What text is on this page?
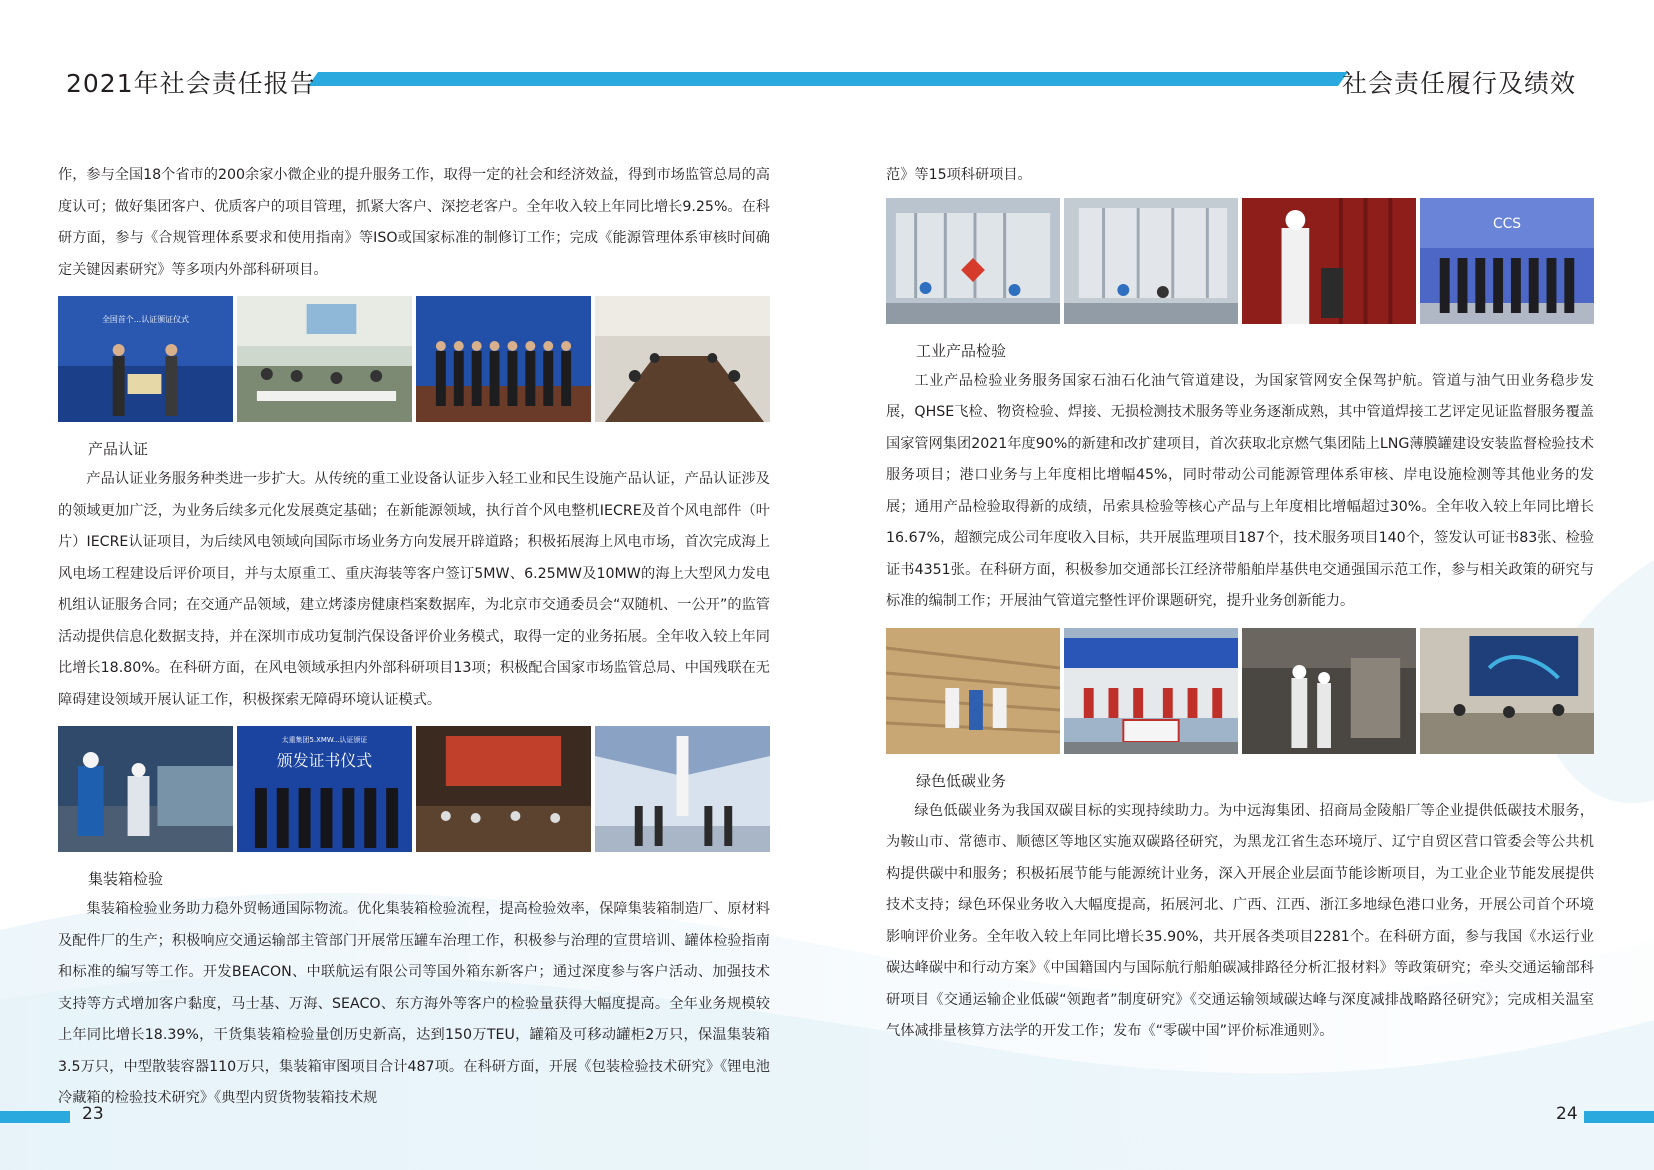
2021年社会责任报告	社会责任履行及绩效

作，参与全国18个省市的200余家小微企业的提升服务工作，取得一定的社会和经济效益，得到市场监管总局的高度认可；做好集团客户、优质客户的项目管理，抓紧大客户、深挖老客户。全年收入较上年同比增长9.25%。在科研方面，参与《合规管理体系要求和使用指南》等ISO或国家标准的制修订工作；完成《能源管理体系审核时间确定关键因素研究》等多项内外部科研项目。

全国首个...认证颁证仪式
产品认证

产品认证业务服务种类进一步扩大。从传统的重工业设备认证步入轻工业和民生设施产品认证，产品认证涉及的领域更加广泛，为业务后续多元化发展奠定基础；在新能源领域，执行首个风电整机IECRE及首个风电部件（叶片）IECRE认证项目，为后续风电领域向国际市场业务方向发展开辟道路；积极拓展海上风电市场，首次完成海上风电场工程建设后评价项目，并与太原重工、重庆海装等客户签订5MW、6.25MW及10MW的海上大型风力发电机组认证服务合同；在交通产品领域，建立烤漆房健康档案数据库，为北京市交通委员会“双随机、一公开”的监管活动提供信息化数据支持，并在深圳市成功复制汽保设备评价业务模式，取得一定的业务拓展。全年收入较上年同比增长18.80%。在科研方面，在风电领域承担内外部科研项目13项；积极配合国家市场监管总局、中国残联在无障碍建设领域开展认证工作，积极探索无障碍环境认证模式。

太重集团5.XMW...认证颁证
颁发证书仪式
集装箱检验

集装箱检验业务助力稳外贸畅通国际物流。优化集装箱检验流程，提高检验效率，保障集装箱制造厂、原材料及配件厂的生产；积极响应交通运输部主管部门开展常压罐车治理工作，积极参与治理的宣贯培训、罐体检验指南和标准的编写等工作。开发BEACON、中联航运有限公司等国外箱东新客户；通过深度参与客户活动、加强技术支持等方式增加客户黏度，马士基、万海、SEACO、东方海外等客户的检验量获得大幅度提高。全年业务规模较上年同比增长18.39%，干货集装箱检验量创历史新高，达到150万TEU，罐箱及可移动罐柜2万只，保温集装箱3.5万只，中型散装容器110万只，集装箱审图项目合计487项。在科研方面，开展《包装检验技术研究》《锂电池冷藏箱的检验技术研究》《典型内贸货物装箱技术规

范》等15项科研项目。

CCS
工业产品检验

工业产品检验业务服务国家石油石化油气管道建设，为国家管网安全保驾护航。管道与油气田业务稳步发展，QHSE飞检、物资检验、焊接、无损检测技术服务等业务逐渐成熟，其中管道焊接工艺评定见证监督服务覆盖国家管网集团2021年度90%的新建和改扩建项目，首次获取北京燃气集团陆上LNG薄膜罐建设安装监督检验技术服务项目；港口业务与上年度相比增幅45%，同时带动公司能源管理体系审核、岸电设施检测等其他业务的发展；通用产品检验取得新的成绩，吊索具检验等核心产品与上年度相比增幅超过30%。全年收入较上年同比增长16.67%，超额完成公司年度收入目标，共开展监理项目187个，技术服务项目140个，签发认可证书83张、检验证书4351张。在科研方面，积极参加交通部长江经济带船舶岸基供电交通强国示范工作，参与相关政策的研究与标准的编制工作；开展油气管道完整性评价课题研究，提升业务创新能力。

绿色低碳业务

绿色低碳业务为我国双碳目标的实现持续助力。为中远海集团、招商局金陵船厂等企业提供低碳技术服务，为鞍山市、常德市、顺德区等地区实施双碳路径研究，为黑龙江省生态环境厅、辽宁自贸区营口管委会等公共机构提供碳中和服务；积极拓展节能与能源统计业务，深入开展企业层面节能诊断项目，为工业企业节能发展提供技术支持；绿色环保业务收入大幅度提高，拓展河北、广西、江西、浙江多地绿色港口业务，开展公司首个环境影响评价业务。全年收入较上年同比增长35.90%，共开展各类项目2281个。在科研方面，参与我国《水运行业碳达峰碳中和行动方案》《中国籍国内与国际航行船舶碳减排路径分析汇报材料》等政策研究；牵头交通运输部科研项目《交通运输企业低碳“领跑者”制度研究》《交通运输领域碳达峰与深度减排战略路径研究》；完成相关温室气体减排量核算方法学的开发工作；发布《“零碳中国”评价标准通则》。

23	24
